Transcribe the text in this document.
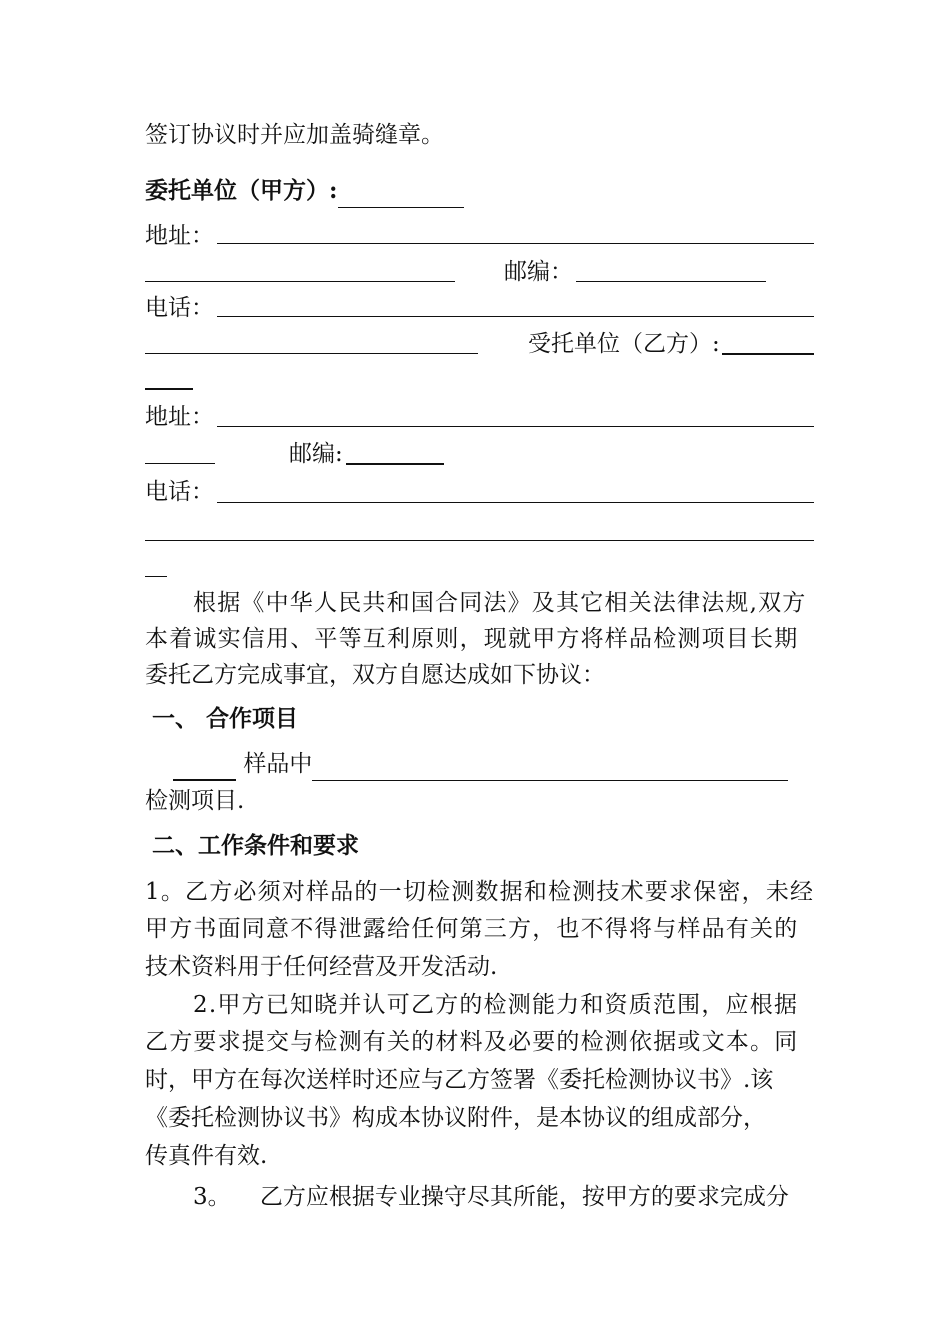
签订协议时并应加盖骑缝章。
委托单位（甲方）:
地址：
邮编：
电话：
受托单位（乙方）:
地址：
邮编:
电话：
根据《中华人民共和国合同法》及其它相关法律法规,双方
本着诚实信用、平等互利原则，现就甲方将样品检测项目长期
委托乙方完成事宜，双方自愿达成如下协议：
一、 合作项目
样品中
检测项目.
二、工作条件和要求
1。乙方必须对样品的一切检测数据和检测技术要求保密，未经
甲方书面同意不得泄露给任何第三方，也不得将与样品有关的
技术资料用于任何经营及开发活动.
2.甲方已知晓并认可乙方的检测能力和资质范围，应根据
乙方要求提交与检测有关的材料及必要的检测依据或文本。同
时，甲方在每次送样时还应与乙方签署《委托检测协议书》.该
《委托检测协议书》构成本协议附件，是本协议的组成部分，
传真件有效.
3。    乙方应根据专业操守尽其所能，按甲方的要求完成分
